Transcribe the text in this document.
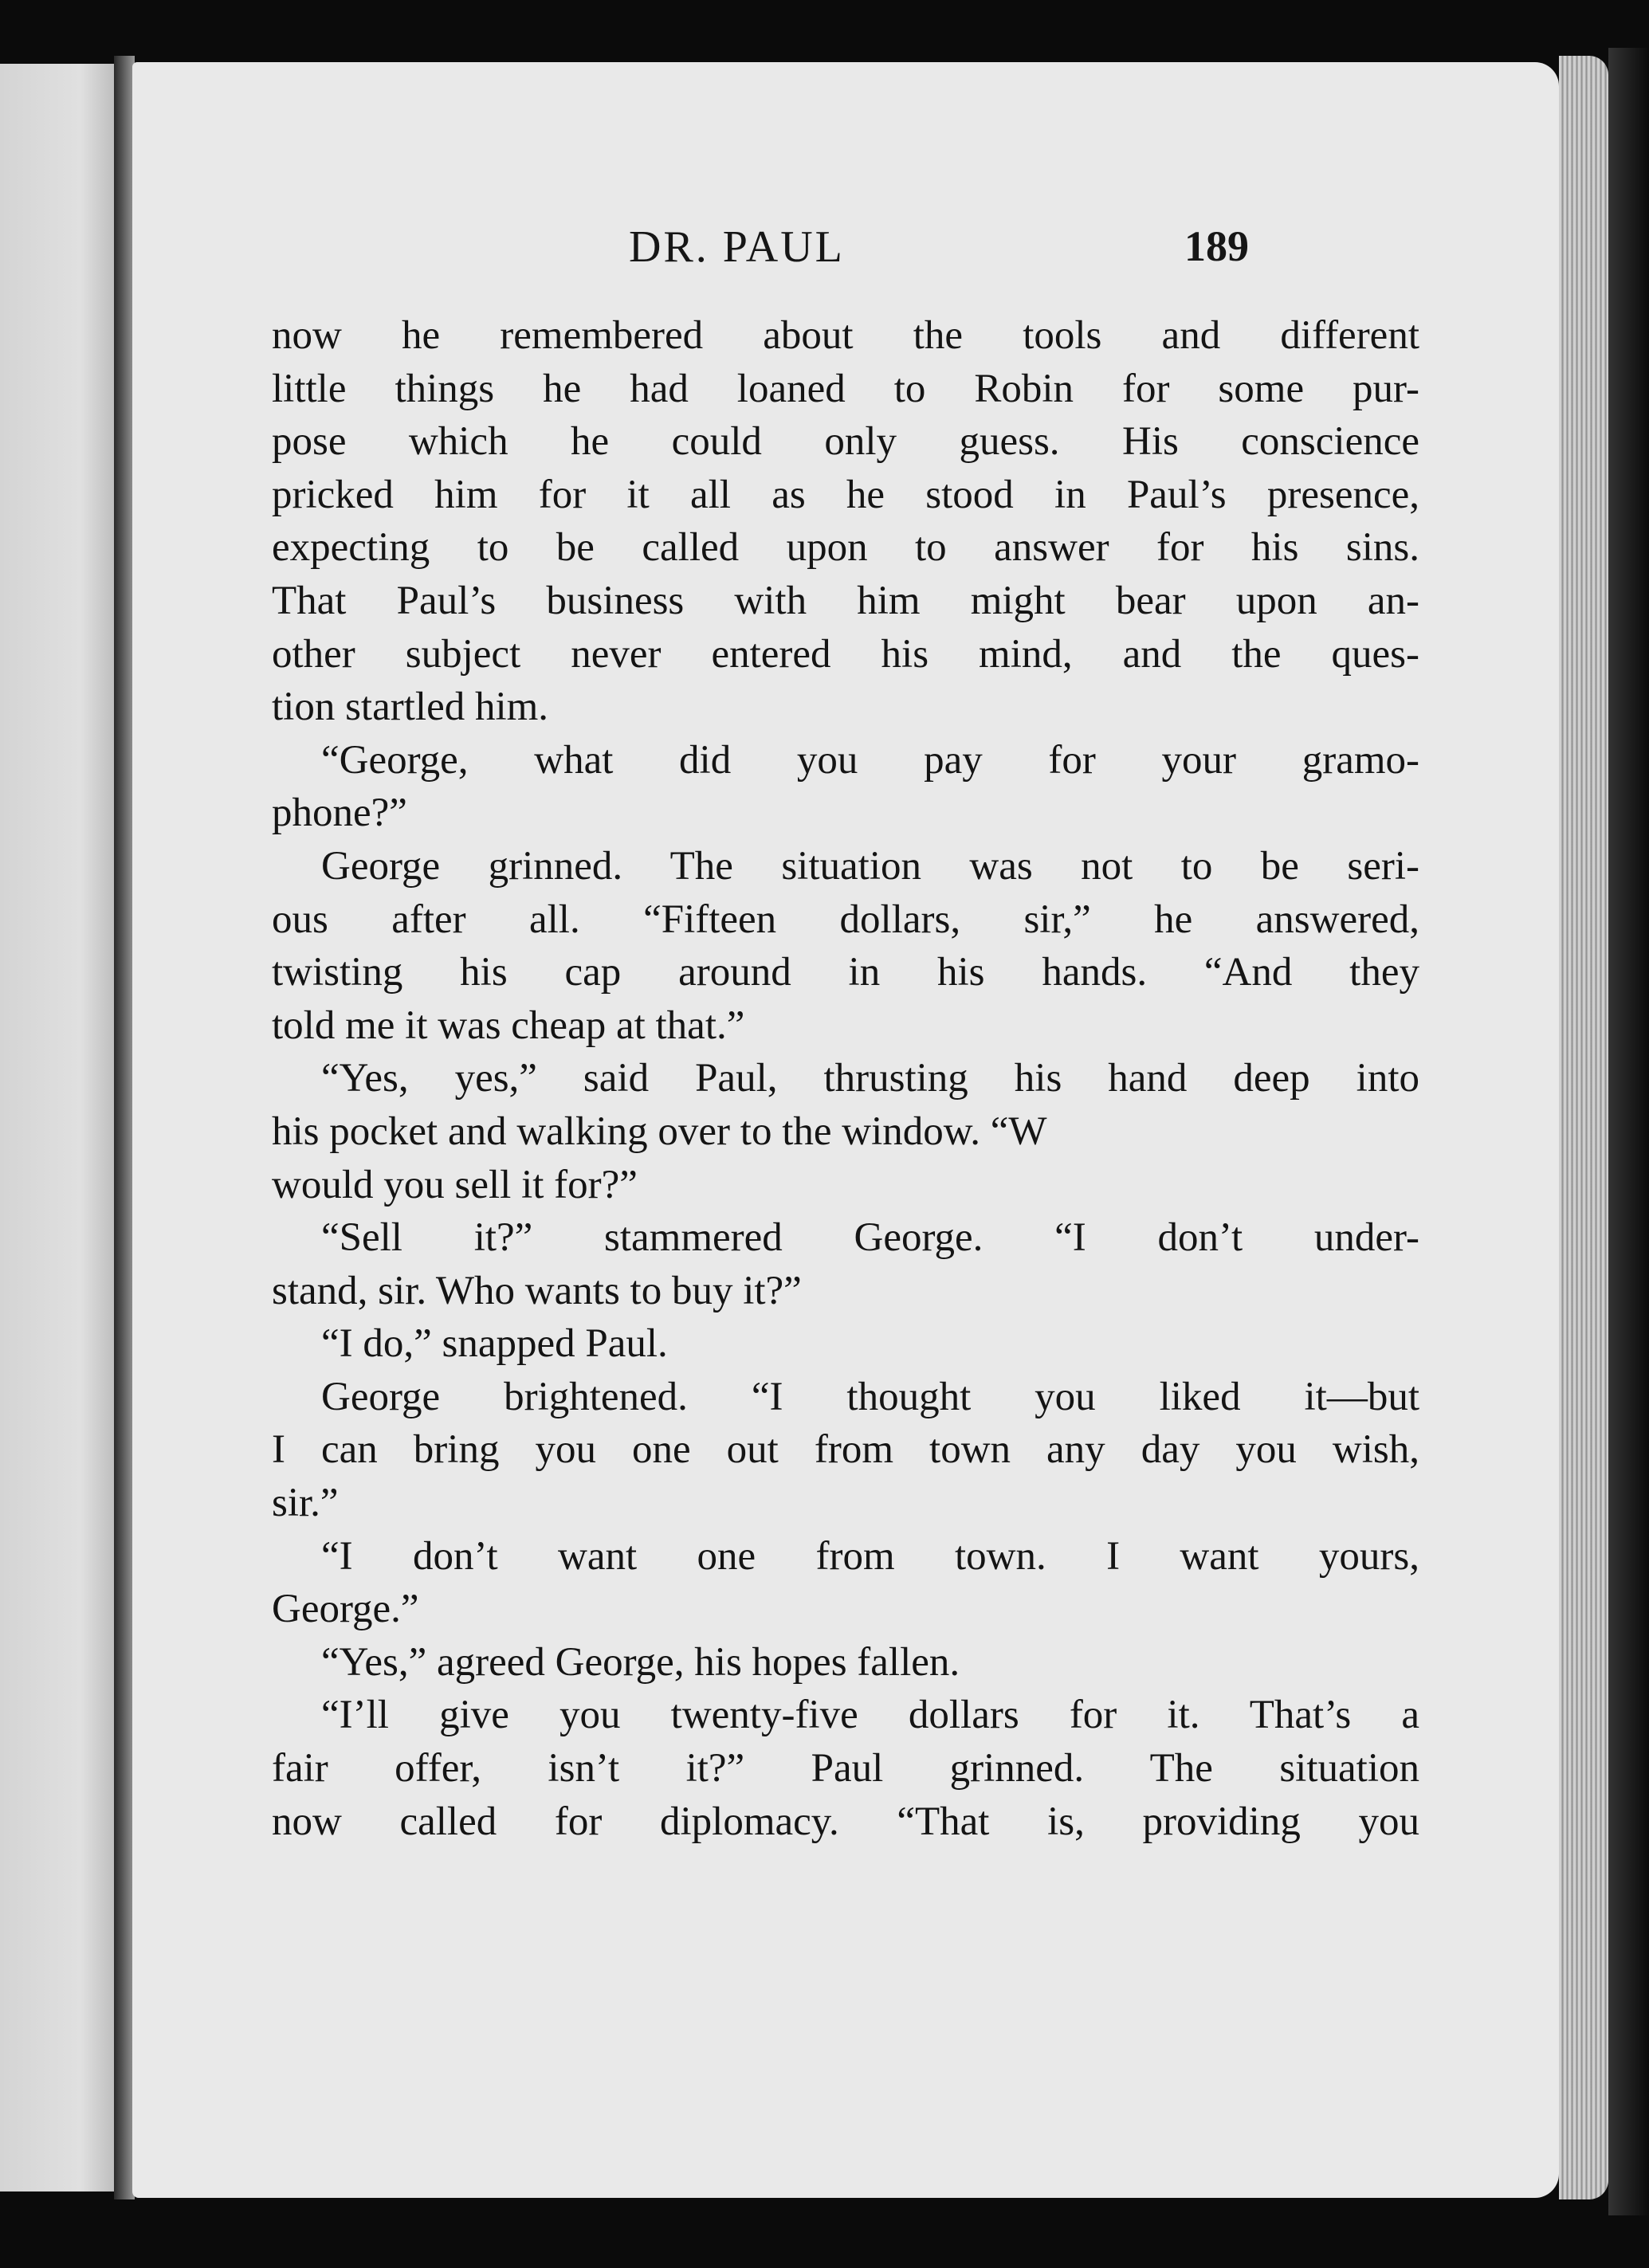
DR. PAUL	189
now he remembered about the tools and different
little things he had loaned to Robin for some pur-
pose which he could only guess. His conscience
pricked him for it all as he stood in Paul’s presence,
expecting to be called upon to answer for his sins.
That Paul’s business with him might bear upon an-
other subject never entered his mind, and the ques-
tion startled him.
“George, what did you pay for your gramo-
phone?”
George grinned. The situation was not to be seri-
ous after all. “Fifteen dollars, sir,” he answered,
twisting his cap around in his hands. “And they
told me it was cheap at that.”
“Yes, yes,” said Paul, thrusting his hand deep into
his pocket and walking over to the window. “W
would you sell it for?”
“Sell it?” stammered George. “I don’t under-
stand, sir. Who wants to buy it?”
“I do,” snapped Paul.
George brightened. “I thought you liked it—but
I can bring you one out from town any day you wish,
sir.”
“I don’t want one from town. I want yours,
George.”
“Yes,” agreed George, his hopes fallen.
“I’ll give you twenty-five dollars for it. That’s a
fair offer, isn’t it?” Paul grinned. The situation
now called for diplomacy. “That is, providing you
